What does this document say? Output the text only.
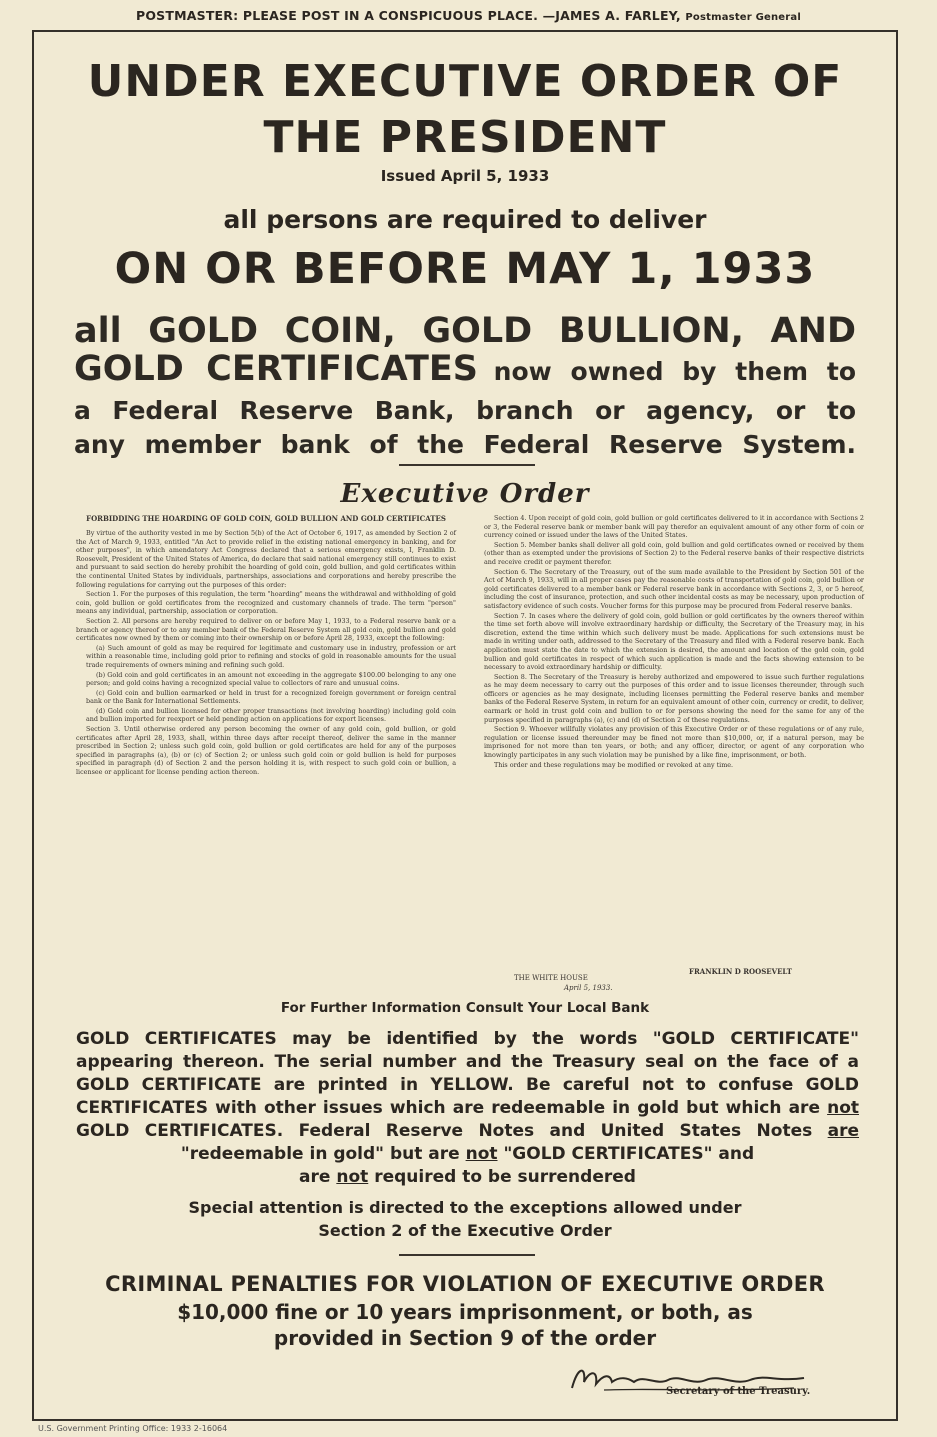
POSTMASTER: PLEASE POST IN A CONSPICUOUS PLACE. —JAMES A. FARLEY, Postmaster General
UNDER EXECUTIVE ORDER OF
THE PRESIDENT
Issued April 5, 1933
all persons are required to deliver
ON OR BEFORE MAY 1, 1933
all GOLD COIN, GOLD BULLION, AND
GOLD CERTIFICATES now owned by them to
a Federal Reserve Bank, branch or agency, or to
any member bank of the Federal Reserve System.
Executive Order
FORBIDDING THE HOARDING OF GOLD COIN, GOLD BULLION AND GOLD CERTIFICATES

By virtue of the authority vested in me by Section 5(b) of the Act of October 6, 1917, as amended by Section 2 of the Act of March 9, 1933, entitled "An Act to provide relief in the existing national emergency in banking, and for other purposes", in which amendatory Act Congress declared that a serious emergency exists, I, Franklin D. Roosevelt, President of the United States of America, do declare that said national emergency still continues to exist and pursuant to said section do hereby prohibit the hoarding of gold coin, gold bullion, and gold certificates within the continental United States by individuals, partnerships, associations and corporations and hereby prescribe the following regulations for carrying out the purposes of this order:

Section 1. For the purposes of this regulation, the term "hoarding" means the withdrawal and withholding of gold coin, gold bullion or gold certificates from the recognized and customary channels of trade. The term "person" means any individual, partnership, association or corporation.

Section 2. All persons are hereby required to deliver on or before May 1, 1933, to a Federal reserve bank or a branch or agency thereof or to any member bank of the Federal Reserve System all gold coin, gold bullion and gold certificates now owned by them or coming into their ownership on or before April 28, 1933, except the following:

(a) Such amount of gold as may be required for legitimate and customary use in industry, profession or art within a reasonable time, including gold prior to refining and stocks of gold in reasonable amounts for the usual trade requirements of owners mining and refining such gold.

(b) Gold coin and gold certificates in an amount not exceeding in the aggregate $100.00 belonging to any one person; and gold coins having a recognized special value to collectors of rare and unusual coins.

(c) Gold coin and bullion earmarked or held in trust for a recognized foreign government or foreign central bank or the Bank for International Settlements.

(d) Gold coin and bullion licensed for other proper transactions (not involving hoarding) including gold coin and bullion imported for reexport or held pending action on applications for export licenses.

Section 3. Until otherwise ordered any person becoming the owner of any gold coin, gold bullion, or gold certificates after April 28, 1933, shall, within three days after receipt thereof, deliver the same in the manner prescribed in Section 2; unless such gold coin, gold bullion or gold certificates are held for any of the purposes specified in paragraphs (a), (b) or (c) of Section 2; or unless such gold coin or gold bullion is held for purposes specified in paragraph (d) of Section 2 and the person holding it is, with respect to such gold coin or bullion, a licensee or applicant for license pending action thereon.

Section 4. Upon receipt of gold coin, gold bullion or gold certificates delivered to it in accordance with Sections 2 or 3, the Federal reserve bank or member bank will pay therefor an equivalent amount of any other form of coin or currency coined or issued under the laws of the United States.

Section 5. Member banks shall deliver all gold coin, gold bullion and gold certificates owned or received by them (other than as exempted under the provisions of Section 2) to the Federal reserve banks of their respective districts and receive credit or payment therefor.

Section 6. The Secretary of the Treasury, out of the sum made available to the President by Section 501 of the Act of March 9, 1933, will in all proper cases pay the reasonable costs of transportation of gold coin, gold bullion or gold certificates delivered to a member bank or Federal reserve bank in accordance with Sections 2, 3, or 5 hereof, including the cost of insurance, protection, and such other incidental costs as may be necessary, upon production of satisfactory evidence of such costs. Voucher forms for this purpose may be procured from Federal reserve banks.

Section 7. In cases where the delivery of gold coin, gold bullion or gold certificates by the owners thereof within the time set forth above will involve extraordinary hardship or difficulty, the Secretary of the Treasury may, in his discretion, extend the time within which such delivery must be made. Applications for such extensions must be made in writing under oath, addressed to the Secretary of the Treasury and filed with a Federal reserve bank. Each application must state the date to which the extension is desired, the amount and location of the gold coin, gold bullion and gold certificates in respect of which such application is made and the facts showing extension to be necessary to avoid extraordinary hardship or difficulty.

Section 8. The Secretary of the Treasury is hereby authorized and empowered to issue such further regulations as he may deem necessary to carry out the purposes of this order and to issue licenses thereunder, through such officers or agencies as he may designate, including licenses permitting the Federal reserve banks and member banks of the Federal Reserve System, in return for an equivalent amount of other coin, currency or credit, to deliver, earmark or hold in trust gold coin and bullion to or for persons showing the need for the same for any of the purposes specified in paragraphs (a), (c) and (d) of Section 2 of these regulations.

Section 9. Whoever willfully violates any provision of this Executive Order or of these regulations or of any rule, regulation or license issued thereunder may be fined not more than $10,000, or, if a natural person, may be imprisoned for not more than ten years, or both; and any officer, director, or agent of any corporation who knowingly participates in any such violation may be punished by a like fine, imprisonment, or both.

This order and these regulations may be modified or revoked at any time.

THE WHITE HOUSE
April 5, 1933.
FRANKLIN D ROOSEVELT
For Further Information Consult Your Local Bank
GOLD CERTIFICATES may be identified by the words "GOLD CERTIFICATE"
appearing thereon. The serial number and the Treasury seal on the face of a
GOLD CERTIFICATE are printed in YELLOW. Be careful not to confuse GOLD
CERTIFICATES with other issues which are redeemable in gold but which are not
GOLD CERTIFICATES. Federal Reserve Notes and United States Notes are
"redeemable in gold" but are not "GOLD CERTIFICATES" and
are not required to be surrendered
Special attention is directed to the exceptions allowed under
Section 2 of the Executive Order
CRIMINAL PENALTIES FOR VIOLATION OF EXECUTIVE ORDER
$10,000 fine or 10 years imprisonment, or both, as
provided in Section 9 of the order
Secretary of the Treasury.
U.S. Government Printing Office: 1933 2-16064
